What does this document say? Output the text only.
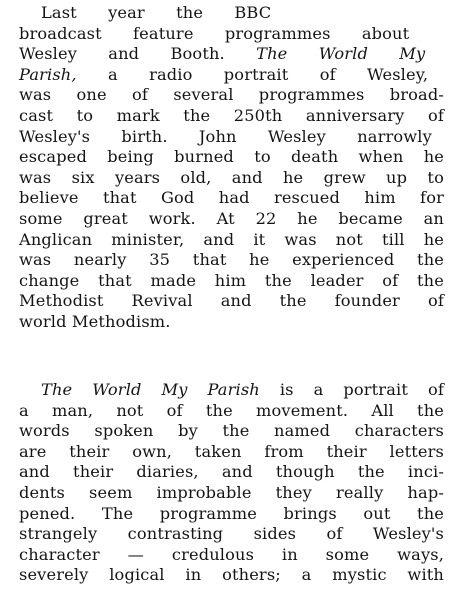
Last year the BBC
broadcast feature programmes about
Wesley and Booth. The World My
Parish, a radio portrait of Wesley,
was one of several programmes broad-
cast to mark the 250th anniversary of
Wesley's birth. John Wesley narrowly
escaped being burned to death when he
was six years old, and he grew up to
believe that God had rescued him for
some great work. At 22 he became an
Anglican minister, and it was not till he
was nearly 35 that he experienced the
change that made him the leader of the
Methodist Revival and the founder of
world Methodism.
The World My Parish is a portrait of
a man, not of the movement. All the
words spoken by the named characters
are their own, taken from their letters
and their diaries, and though the inci-
dents seem improbable they really hap-
pened. The programme brings out the
strangely contrasting sides of Wesley's
character — credulous in some ways,
severely logical in others; a mystic with
